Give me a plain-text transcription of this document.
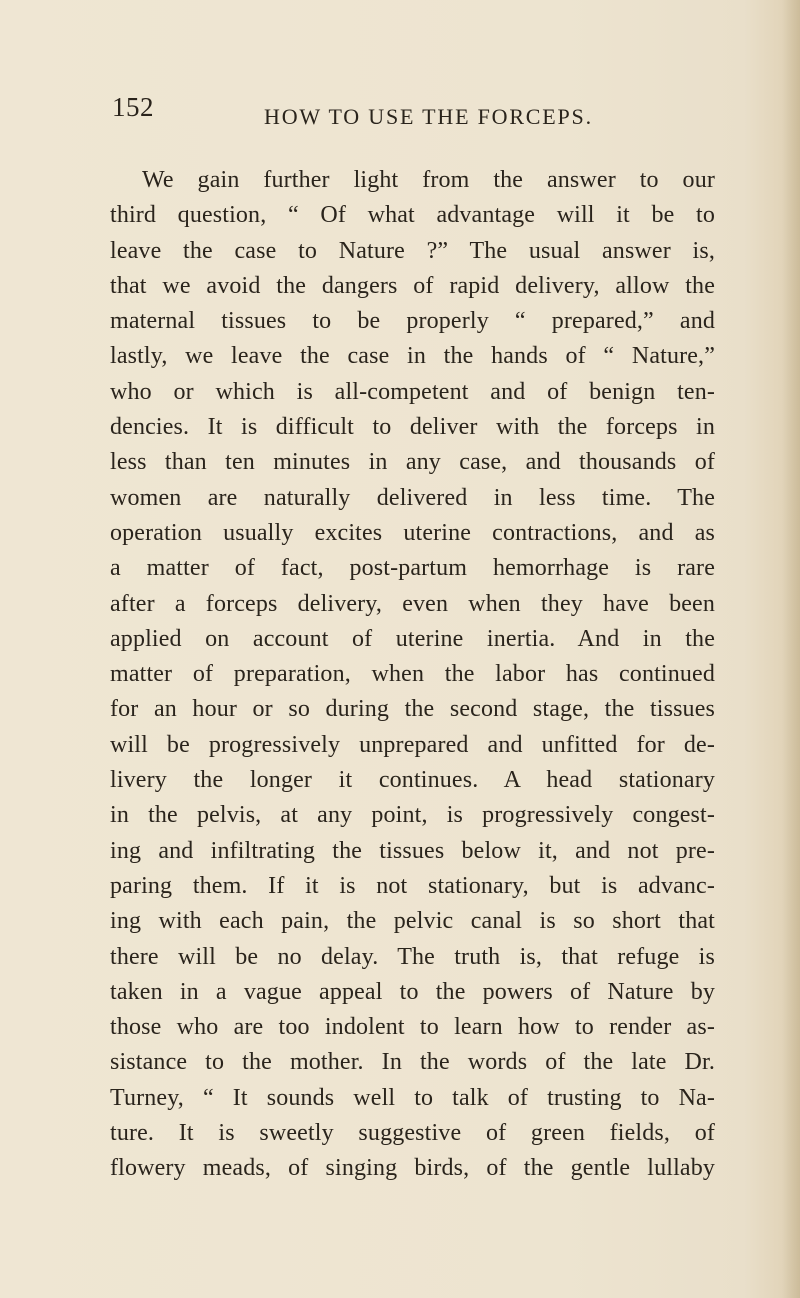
152	HOW TO USE THE FORCEPS.
We gain further light from the answer to our
third question, “ Of what advantage will it be to
leave the case to Nature ?” The usual answer is,
that we avoid the dangers of rapid delivery, allow the
maternal tissues to be properly “ prepared,” and
lastly, we leave the case in the hands of “ Nature,”
who or which is all-competent and of benign ten-
dencies. It is difficult to deliver with the forceps in
less than ten minutes in any case, and thousands of
women are naturally delivered in less time. The
operation usually excites uterine contractions, and as
a matter of fact, post-partum hemorrhage is rare
after a forceps delivery, even when they have been
applied on account of uterine inertia. And in the
matter of preparation, when the labor has continued
for an hour or so during the second stage, the tissues
will be progressively unprepared and unfitted for de-
livery the longer it continues. A head stationary
in the pelvis, at any point, is progressively congest-
ing and infiltrating the tissues below it, and not pre-
paring them. If it is not stationary, but is advanc-
ing with each pain, the pelvic canal is so short that
there will be no delay. The truth is, that refuge is
taken in a vague appeal to the powers of Nature by
those who are too indolent to learn how to render as-
sistance to the mother. In the words of the late Dr.
Turney, “ It sounds well to talk of trusting to Na-
ture. It is sweetly suggestive of green fields, of
flowery meads, of singing birds, of the gentle lullaby
